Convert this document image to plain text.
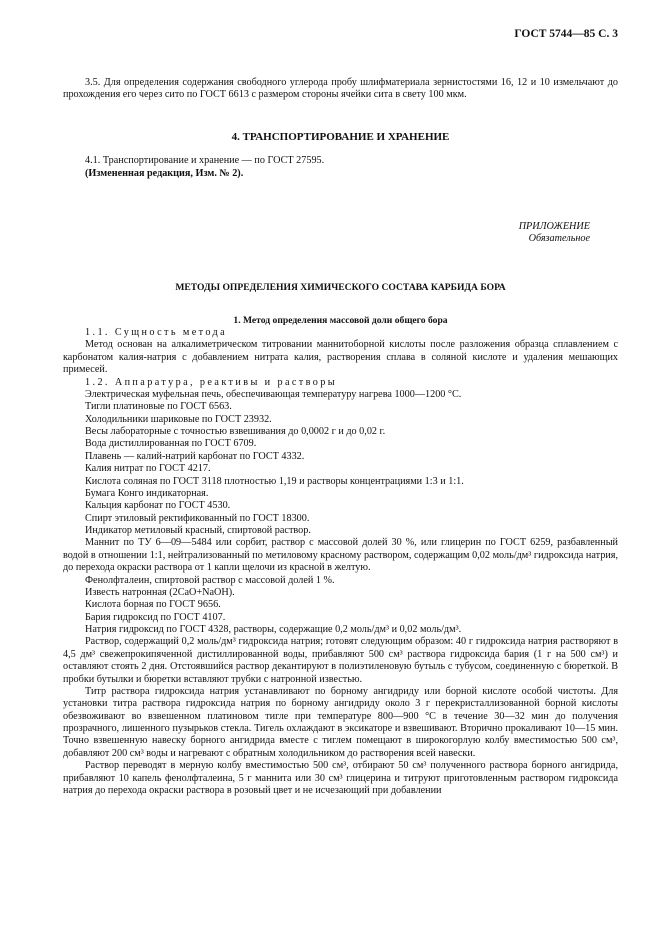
ГОСТ 5744—85 С. 3

3.5. Для определения содержания свободного углерода пробу шлифматериала зернистостями 16, 12 и 10 измельчают до прохождения его через сито по ГОСТ 6613 с размером стороны ячейки сита в свету 100 мкм.

4. ТРАНСПОРТИРОВАНИЕ И ХРАНЕНИЕ

4.1. Транспортирование и хранение — по ГОСТ 27595.

(Измененная редакция, Изм. № 2).

ПРИЛОЖЕНИЕ
Обязательное
МЕТОДЫ ОПРЕДЕЛЕНИЯ ХИМИЧЕСКОГО СОСТАВА КАРБИДА БОРА
1. Метод определения массовой доли общего бора

1.1. Сущность метода

Метод основан на алкалиметрическом титровании маннитоборной кислоты после разложения образца сплавлением с карбонатом калия-натрия с добавлением нитрата калия, растворения сплава в соляной кислоте и удаления мешающих примесей.

1.2. Аппаратура, реактивы и растворы

Электрическая муфельная печь, обеспечивающая температуру нагрева 1000—1200 °С.

Тигли платиновые по ГОСТ 6563.

Холодильники шариковые по ГОСТ 23932.

Весы лабораторные с точностью взвешивания до 0,0002 г и до 0,02 г.

Вода дистиллированная по ГОСТ 6709.

Плавень — калий-натрий карбонат по ГОСТ 4332.

Калия нитрат по ГОСТ 4217.

Кислота соляная по ГОСТ 3118 плотностью 1,19 и растворы концентрациями 1:3 и 1:1.

Бумага Конго индикаторная.

Кальция карбонат по ГОСТ 4530.

Спирт этиловый ректификованный по ГОСТ 18300.

Индикатор метиловый красный, спиртовой раствор.

Маннит по ТУ 6—09—5484 или сорбит, раствор с массовой долей 30 %, или глицерин по ГОСТ 6259, разбавленный водой в отношении 1:1, нейтрализованный по метиловому красному раствором, содержащим 0,02 моль/дм³ гидроксида натрия, до перехода окраски раствора от 1 капли щелочи из красной в желтую.

Фенолфталеин, спиртовой раствор с массовой долей 1 %.

Известь натронная (2CaO+NaOH).

Кислота борная по ГОСТ 9656.

Бария гидроксид по ГОСТ 4107.

Натрия гидроксид по ГОСТ 4328, растворы, содержащие 0,2 моль/дм³ и 0,02 моль/дм³.

Раствор, содержащий 0,2 моль/дм³ гидроксида натрия; готовят следующим образом: 40 г гидроксида натрия растворяют в 4,5 дм³ свежепрокипяченной дистиллированной воды, прибавляют 500 см³ раствора гидроксида бария (1 г на 500 см³) и оставляют стоять 2 дня. Отстоявшийся раствор декантируют в полиэтиленовую бутыль с тубусом, соединенную с бюреткой. В пробки бутылки и бюретки вставляют трубки с натронной известью.

Титр раствора гидроксида натрия устанавливают по борному ангидриду или борной кислоте особой чистоты. Для установки титра раствора гидроксида натрия по борному ангидриду около 3 г перекристаллизованной борной кислоты обезвоживают во взвешенном платиновом тигле при температуре 800—900 °С в течение 30—32 мин до получения прозрачного, лишенного пузырьков стекла. Тигель охлаждают в эксикаторе и взвешивают. Вторично прокаливают 10—15 мин. Точно взвешенную навеску борного ангидрида вместе с тиглем помещают в широкогорлую колбу вместимостью 500 см³, добавляют 200 см³ воды и нагревают с обратным холодильником до растворения всей навески.

Раствор переводят в мерную колбу вместимостью 500 см³, отбирают 50 см³ полученного раствора борного ангидрида, прибавляют 10 капель фенолфталеина, 5 г маннита или 30 см³ глицерина и титруют приготовленным раствором гидроксида натрия до перехода окраски раствора в розовый цвет и не исчезающий при добавлении
